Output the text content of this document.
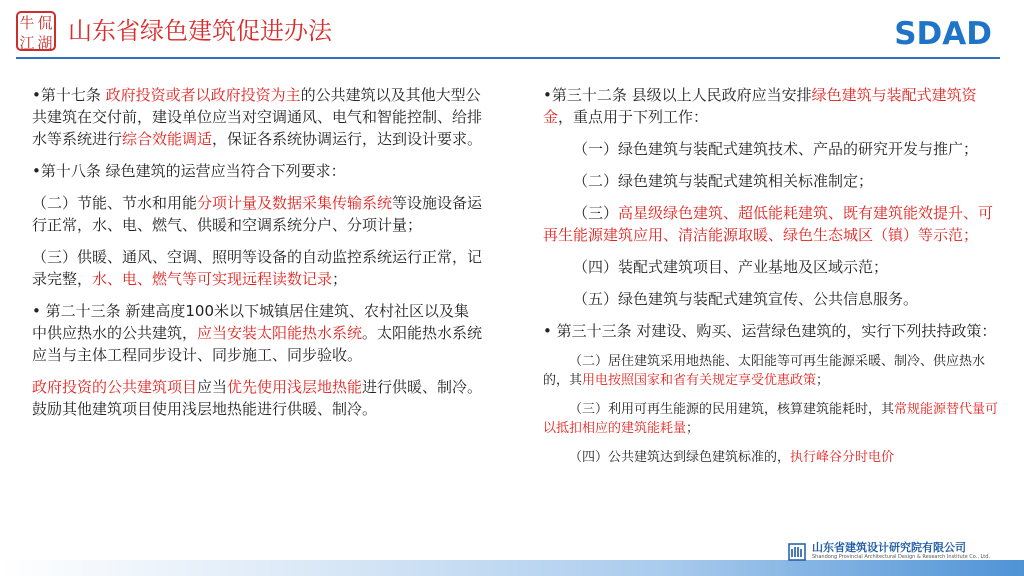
牛 侃
江 湖 山东省绿色建筑促进办法	SDAD

•第十七条 政府投资或者以政府投资为主的公共建筑以及其他大型公共建筑在交付前，建设单位应当对空调通风、电气和智能控制、给排水等系统进行综合效能调适，保证各系统协调运行，达到设计要求。

•第十八条 绿色建筑的运营应当符合下列要求：

（二）节能、节水和用能分项计量及数据采集传输系统等设施设备运行正常，水、电、燃气、供暖和空调系统分户、分项计量；

（三）供暖、通风、空调、照明等设备的自动监控系统运行正常，记录完整，水、电、燃气等可实现远程读数记录；

• 第二十三条 新建高度100米以下城镇居住建筑、农村社区以及集中供应热水的公共建筑，应当安装太阳能热水系统。太阳能热水系统应当与主体工程同步设计、同步施工、同步验收。

政府投资的公共建筑项目应当优先使用浅层地热能进行供暖、制冷。鼓励其他建筑项目使用浅层地热能进行供暖、制冷。

•第三十二条 县级以上人民政府应当安排绿色建筑与装配式建筑资金，重点用于下列工作：

（一）绿色建筑与装配式建筑技术、产品的研究开发与推广；

（二）绿色建筑与装配式建筑相关标准制定；

（三）高星级绿色建筑、超低能耗建筑、既有建筑能效提升、可再生能源建筑应用、清洁能源取暖、绿色生态城区（镇）等示范；

（四）装配式建筑项目、产业基地及区域示范；

（五）绿色建筑与装配式建筑宣传、公共信息服务。

• 第三十三条 对建设、购买、运营绿色建筑的，实行下列扶持政策：

（二）居住建筑采用地热能、太阳能等可再生能源采暖、制冷、供应热水的，其用电按照国家和省有关规定享受优惠政策；

（三）利用可再生能源的民用建筑，核算建筑能耗时，其常规能源替代量可以抵扣相应的建筑能耗量；

（四）公共建筑达到绿色建筑标准的，执行峰谷分时电价

山东省建筑设计研究院有限公司
Shandong Provincial Architectural Design & Research Institute Co., Ltd.
